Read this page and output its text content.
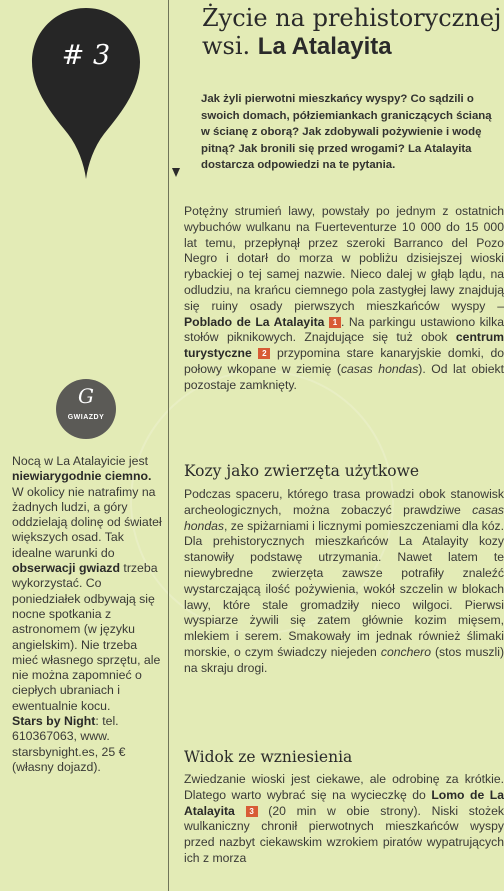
# 3
G
GWIAZDY
Nocą w La Atalayicie jest niewiarygodnie ciemno. W okolicy nie natrafimy na żadnych ludzi, a góry oddzielają dolinę od świateł większych osad. Tak idealne warunki do obserwacji gwiazd trzeba wykorzystać. Co poniedziałek odbywają się nocne spotkania z astronomem (w języku angielskim). Nie trzeba mieć własnego sprzętu, ale nie można zapomnieć o ciepłych ubraniach i ewentualnie kocu.
Stars by Night: tel. 610367063, www. starsbynight.es, 25 € (własny dojazd).
Życie na prehistorycznej wsi. La Atalayita
Jak żyli pierwotni mieszkańcy wyspy? Co sądzili o swoich domach, półziemiankach graniczących ścianą w ścianę z oborą? Jak zdobywali pożywienie i wodę pitną? Jak bronili się przed wrogami? La Atalayita dostarcza odpowiedzi na te pytania.

Potężny strumień lawy, powstały po jednym z ostatnich wybuchów wulkanu na Fuerteventurze 10 000 do 15 000 lat temu, przepłynął przez szeroki Barranco del Pozo Negro i dotarł do morza w pobliżu dzisiejszej wioski rybackiej o tej samej nazwie. Nieco dalej w głąb lądu, na odludziu, na krańcu ciemnego pola zastygłej lawy znajdują się ruiny osady pierwszych mieszkańców wyspy – Poblado de La Atalayita 1 . Na parkingu ustawiono kilka stołów piknikowych. Znajdujące się tuż obok centrum turystyczne 2 przypomina stare kanaryjskie domki, do połowy wkopane w ziemię (casas hondas). Od lat obiekt pozostaje zamknięty.

Kozy jako zwierzęta użytkowe

Podczas spaceru, którego trasa prowadzi obok stanowisk archeologicznych, można zobaczyć prawdziwe casas hondas, ze spiżarniami i licznymi pomieszczeniami dla kóz. Dla prehistorycznych mieszkańców La Atalayity kozy stanowiły podstawę utrzymania. Nawet latem te niewybredne zwierzęta zawsze potrafiły znaleźć wystarczającą ilość pożywienia, wokół szczelin w blokach lawy, które stale gromadziły nieco wilgoci. Pierwsi wyspiarze żywili się zatem głównie kozim mięsem, mlekiem i serem. Smakowały im jednak również ślimaki morskie, o czym świadczy niejeden conchero (stos muszli) na skraju drogi.

Widok ze wzniesienia

Zwiedzanie wioski jest ciekawe, ale odrobinę za krótkie. Dlatego warto wybrać się na wycieczkę do Lomo de La Atalayita 3 (20 min w obie strony). Niski stożek wulkaniczny chronił pierwotnych mieszkańców wyspy przed nazbyt ciekawskim wzrokiem piratów wypatrujących ich z morza
